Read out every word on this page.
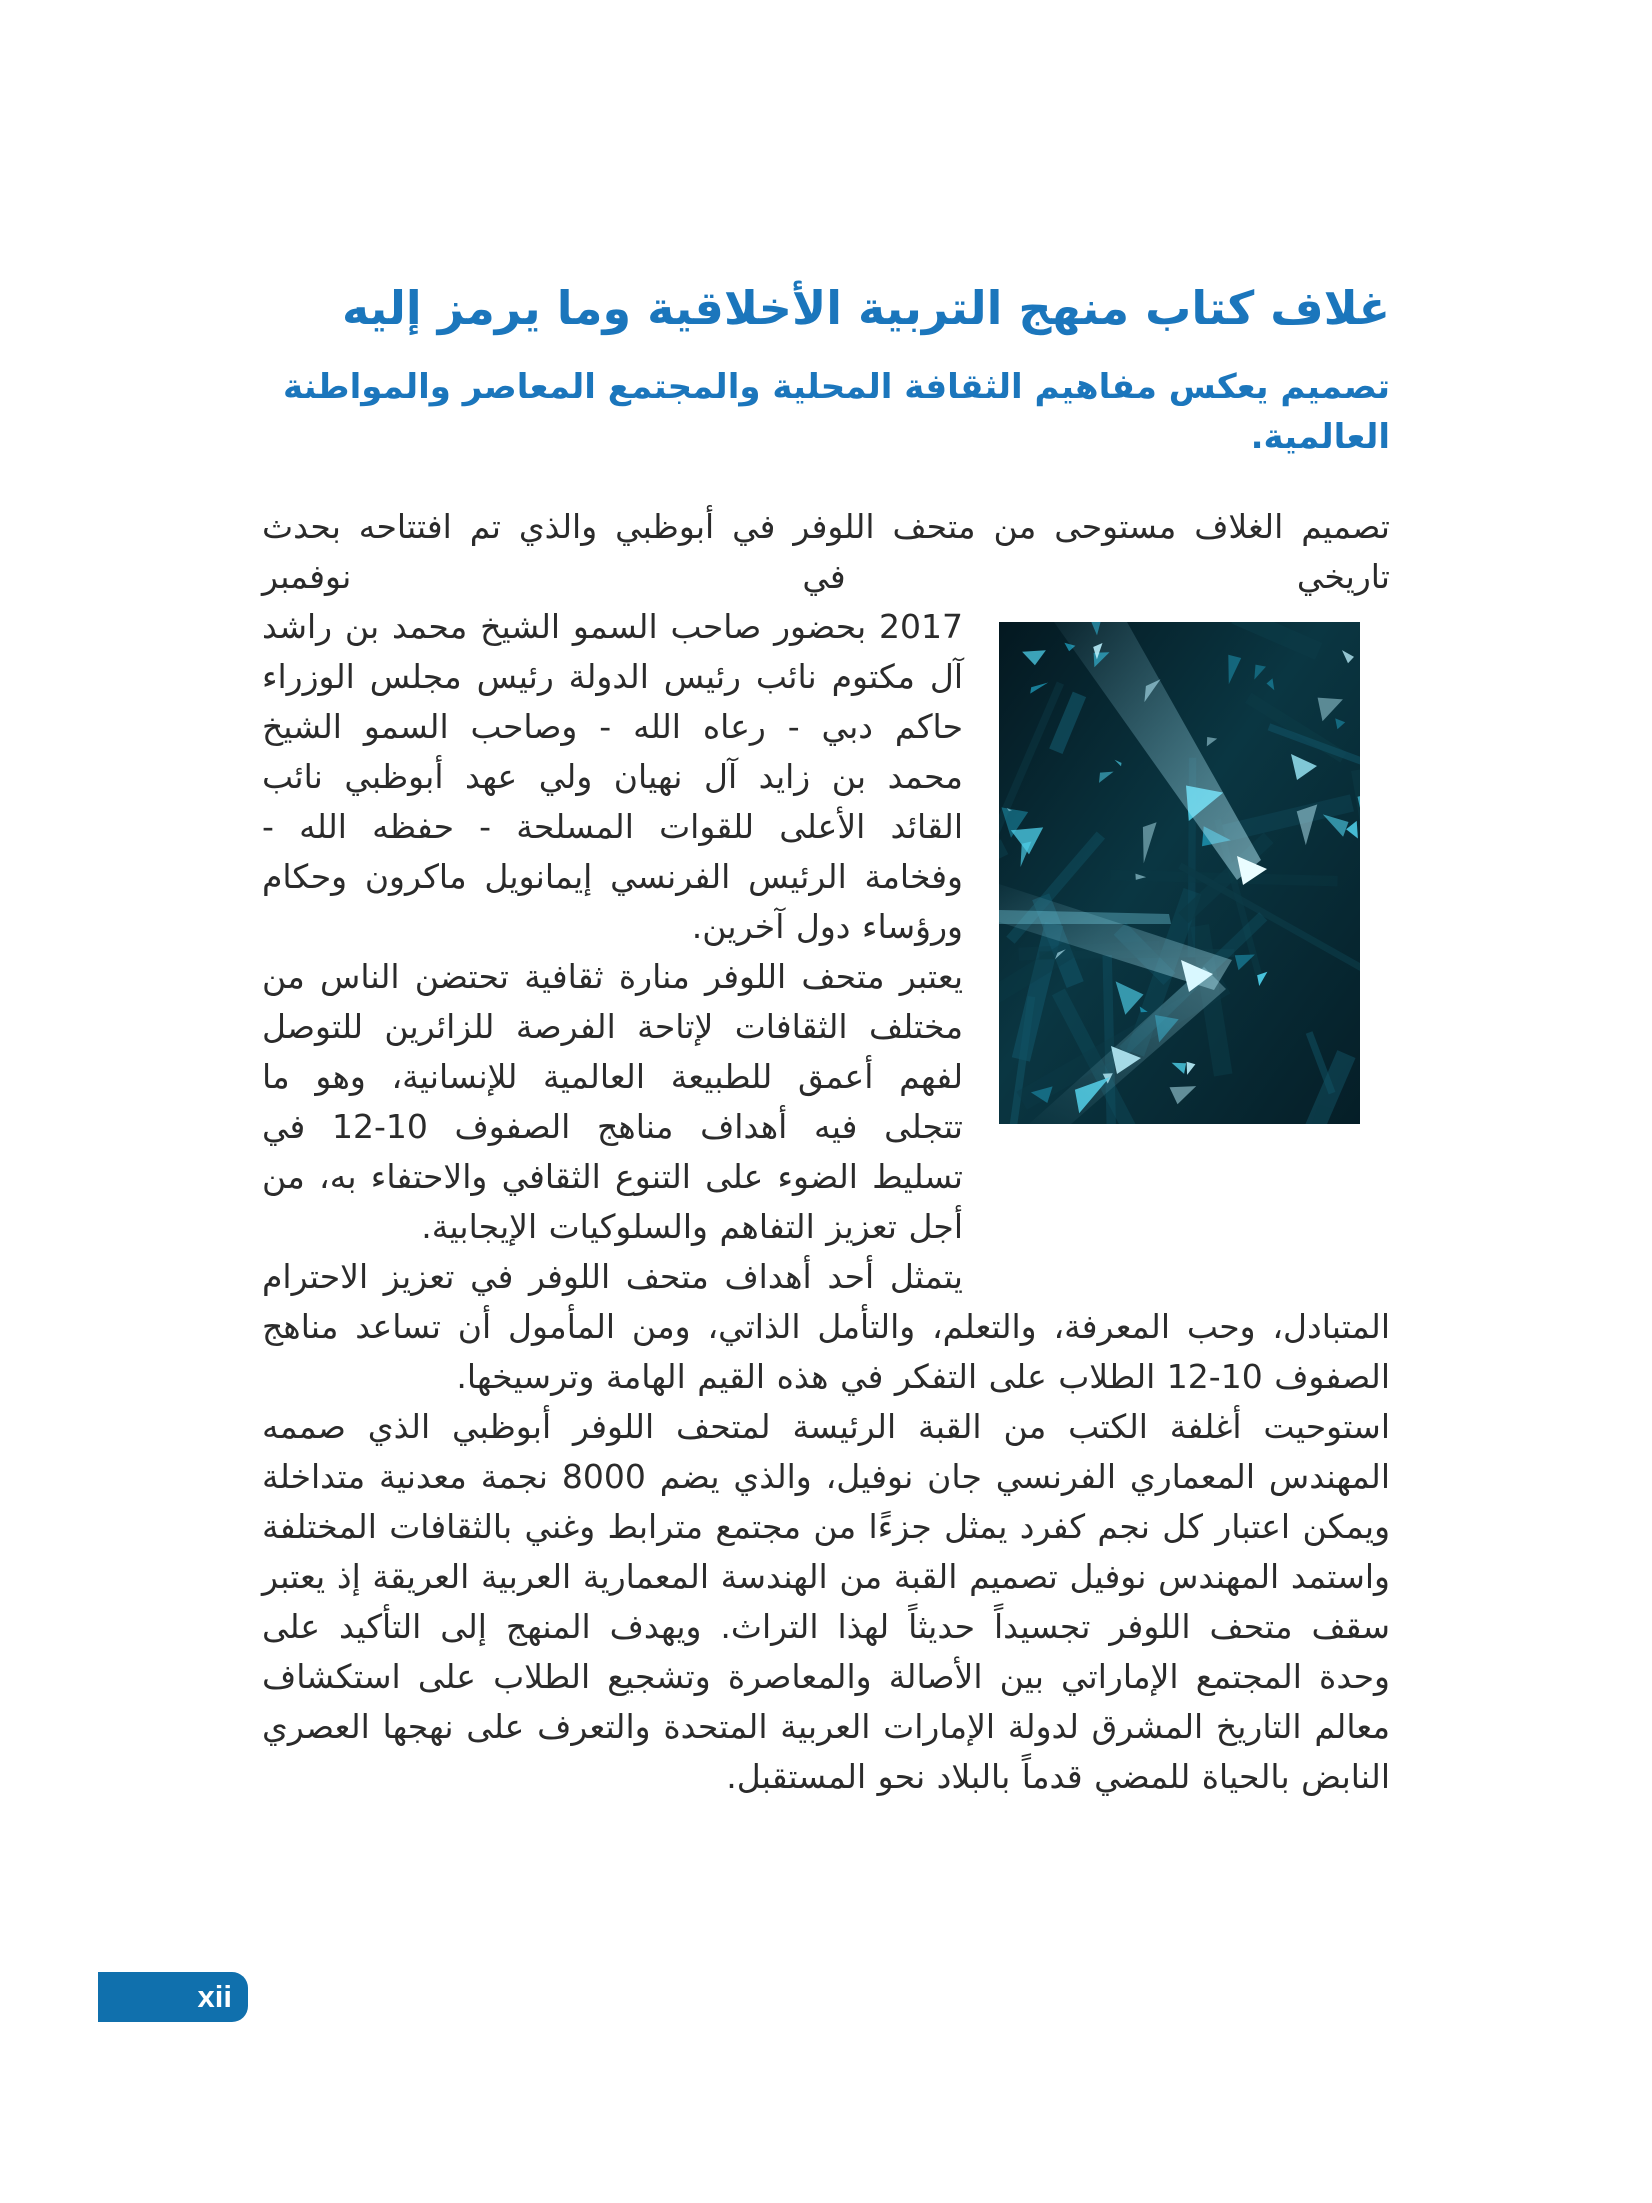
غلاف كتاب منهج التربية الأخلاقية وما يرمز إليه
تصميم يعكس مفاهيم الثقافة المحلية والمجتمع المعاصر والمواطنة العالمية.

تصميم الغلاف مستوحى من متحف اللوفر في أبوظبي والذي تم افتتاحه بحدث تاريخي في نوفمبر

2017 بحضور صاحب السمو الشيخ محمد بن راشد آل مكتوم نائب رئيس الدولة رئيس مجلس الوزراء حاكم دبي - رعاه الله - وصاحب السمو الشيخ محمد بن زايد آل نهيان ولي عهد أبوظبي نائب القائد الأعلى للقوات المسلحة - حفظه الله - وفخامة الرئيس الفرنسي إيمانويل ماكرون وحكام ورؤساء دول آخرين.

يعتبر متحف اللوفر منارة ثقافية تحتضن الناس من مختلف الثقافات لإتاحة الفرصة للزائرين للتوصل لفهم أعمق للطبيعة العالمية للإنسانية، وهو ما تتجلى فيه أهداف مناهج الصفوف 10-12 في تسليط الضوء على التنوع الثقافي والاحتفاء به، من أجل تعزيز التفاهم والسلوكيات الإيجابية.

يتمثل أحد أهداف متحف اللوفر في تعزيز الاحترام المتبادل، وحب المعرفة، والتعلم، والتأمل الذاتي، ومن المأمول أن تساعد مناهج الصفوف 10-12 الطلاب على التفكر في هذه القيم الهامة وترسيخها.

استوحيت أغلفة الكتب من القبة الرئيسة لمتحف اللوفر أبوظبي الذي صممه المهندس المعماري الفرنسي جان نوفيل، والذي يضم 8000 نجمة معدنية متداخلة ويمكن اعتبار كل نجم كفرد يمثل جزءًا من مجتمع مترابط وغني بالثقافات المختلفة واستمد المهندس نوفيل تصميم القبة من الهندسة المعمارية العربية العريقة إذ يعتبر سقف متحف اللوفر تجسيداً حديثاً لهذا التراث. ويهدف المنهج إلى التأكيد على وحدة المجتمع الإماراتي بين الأصالة والمعاصرة وتشجيع الطلاب على استكشاف معالم التاريخ المشرق لدولة الإمارات العربية المتحدة والتعرف على نهجها العصري النابض بالحياة للمضي قدماً بالبلاد نحو المستقبل.

xii
